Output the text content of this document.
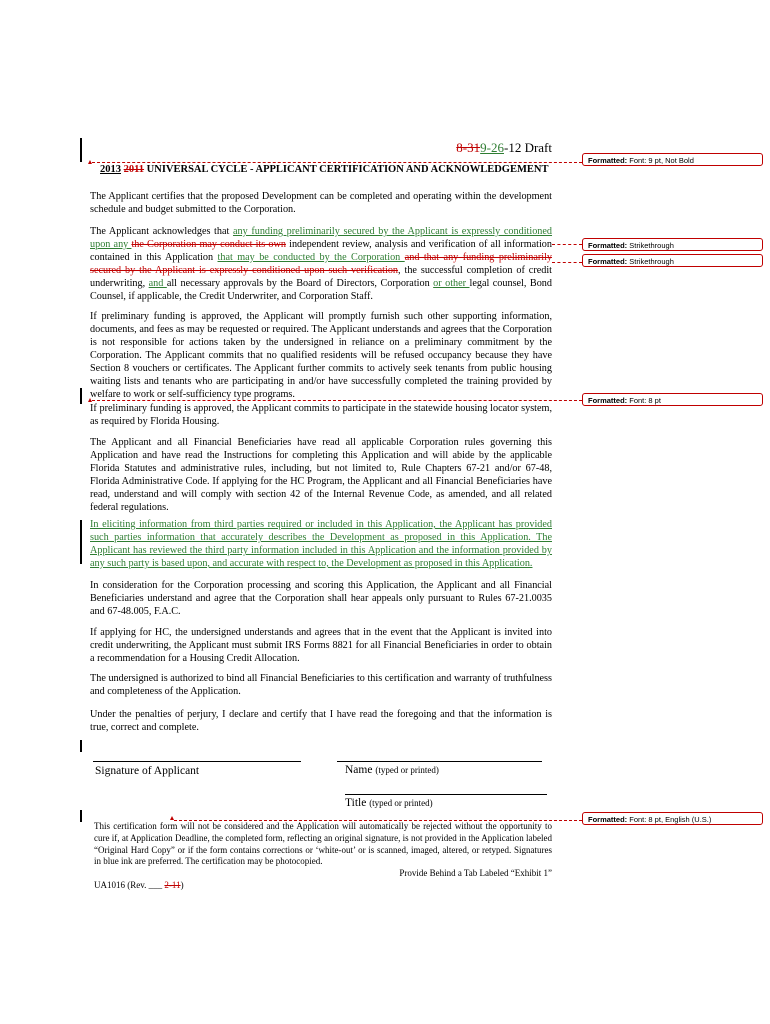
8-319-26-12 Draft
2013 2011 UNIVERSAL CYCLE - APPLICANT CERTIFICATION AND ACKNOWLEDGEMENT
The Applicant certifies that the proposed Development can be completed and operating within the development schedule and budget submitted to the Corporation.
The Applicant acknowledges that any funding preliminarily secured by the Applicant is expressly conditioned upon any the Corporation may conduct its own independent review, analysis and verification of all information contained in this Application that may be conducted by the Corporation and that any funding preliminarily secured by the Applicant is expressly conditioned upon such verification, the successful completion of credit underwriting, and all necessary approvals by the Board of Directors, Corporation or other legal counsel, Bond Counsel, if applicable, the Credit Underwriter, and Corporation Staff.
If preliminary funding is approved, the Applicant will promptly furnish such other supporting information, documents, and fees as may be requested or required. The Applicant understands and agrees that the Corporation is not responsible for actions taken by the undersigned in reliance on a preliminary commitment by the Corporation. The Applicant commits that no qualified residents will be refused occupancy because they have Section 8 vouchers or certificates. The Applicant further commits to actively seek tenants from public housing waiting lists and tenants who are participating in and/or have successfully completed the training provided by welfare to work or self-sufficiency type programs.
If preliminary funding is approved, the Applicant commits to participate in the statewide housing locator system, as required by Florida Housing.
The Applicant and all Financial Beneficiaries have read all applicable Corporation rules governing this Application and have read the Instructions for completing this Application and will abide by the applicable Florida Statutes and administrative rules, including, but not limited to, Rule Chapters 67-21 and/or 67-48, Florida Administrative Code. If applying for the HC Program, the Applicant and all Financial Beneficiaries have read, understand and will comply with section 42 of the Internal Revenue Code, as amended, and all related federal regulations.
In eliciting information from third parties required or included in this Application, the Applicant has provided such parties information that accurately describes the Development as proposed in this Application. The Applicant has reviewed the third party information included in this Application and the information provided by any such party is based upon, and accurate with respect to, the Development as proposed in this Application.
In consideration for the Corporation processing and scoring this Application, the Applicant and all Financial Beneficiaries understand and agree that the Corporation shall hear appeals only pursuant to Rules 67-21.0035 and 67-48.005, F.A.C.
If applying for HC, the undersigned understands and agrees that in the event that the Applicant is invited into credit underwriting, the Applicant must submit IRS Forms 8821 for all Financial Beneficiaries in order to obtain a recommendation for a Housing Credit Allocation.
The undersigned is authorized to bind all Financial Beneficiaries to this certification and warranty of truthfulness and completeness of the Application.
Under the penalties of perjury, I declare and certify that I have read the foregoing and that the information is true, correct and complete.
Signature of Applicant	Name (typed or printed)
Title (typed or printed)
This certification form will not be considered and the Application will automatically be rejected without the opportunity to cure if, at Application Deadline, the completed form, reflecting an original signature, is not provided in the Application labeled “Original Hard Copy” or if the form contains corrections or ‘white-out’ or is scanned, imaged, altered, or retyped. Signatures in blue ink are preferred. The certification may be photocopied.
Provide Behind a Tab Labeled “Exhibit 1”
UA1016 (Rev. ___ 2-11)
Formatted: Font: 9 pt, Not Bold
Formatted: Strikethrough
Formatted: Strikethrough
Formatted: Font: 8 pt
Formatted: Font: 8 pt, English (U.S.)
